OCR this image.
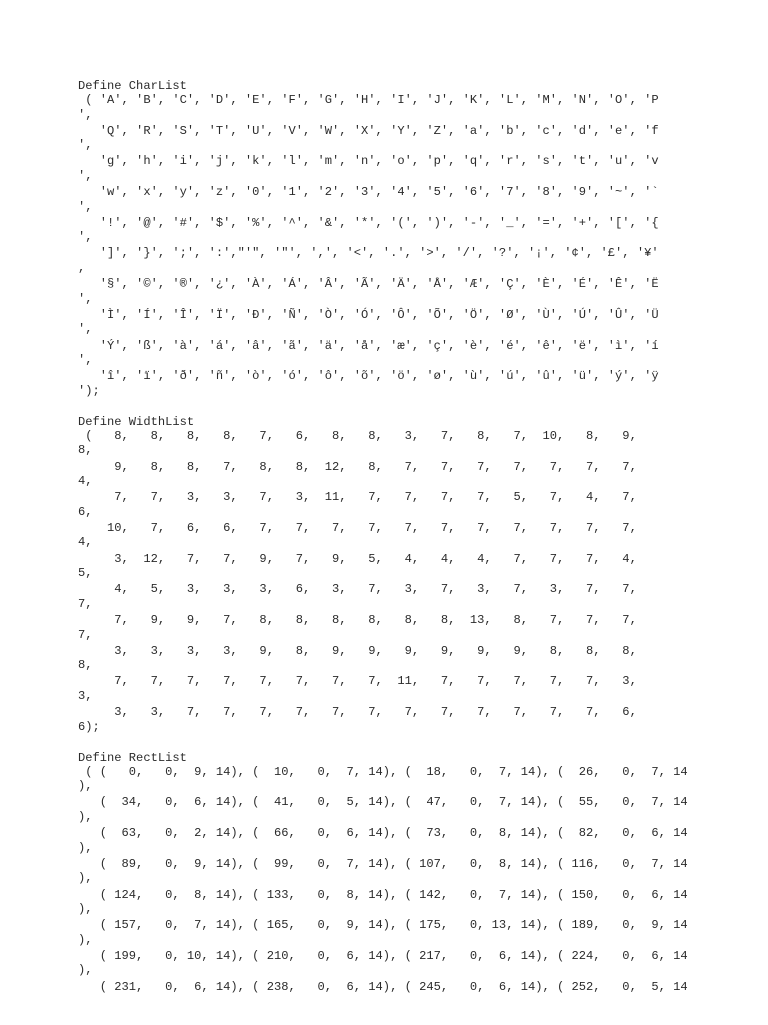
Define CharList
( 'A', 'B', 'C', 'D', 'E', 'F', 'G', 'H', 'I', 'J', 'K', 'L', 'M', 'N', 'O', 'P
',
'Q', 'R', 'S', 'T', 'U', 'V', 'W', 'X', 'Y', 'Z', 'a', 'b', 'c', 'd', 'e', 'f
',
'g', 'h', 'i', 'j', 'k', 'l', 'm', 'n', 'o', 'p', 'q', 'r', 's', 't', 'u', 'v
',
'w', 'x', 'y', 'z', '0', '1', '2', '3', '4', '5', '6', '7', '8', '9', '~', '`
',
'!', '@', '#', '$', '%', '^', '&', '*', '(', ')', '-', '_', '=', '+', '[', '{
',
']', '}', ';', ':',"'", '"', ',', '<', '.', '>', '/', '?', '¡', '¢', '£', '¥'
,
'§', '©', '®', '¿', 'À', 'Á', 'Â', 'Ã', 'Ä', 'Å', 'Æ', 'Ç', 'È', 'É', 'Ê', 'Ë
',
'Ì', 'Í', 'Î', 'Ï', 'Ð', 'Ñ', 'Ò', 'Ó', 'Ô', 'Õ', 'Ö', 'Ø', 'Ù', 'Ú', 'Û', 'Ü
',
'Ý', 'ß', 'à', 'á', 'â', 'ã', 'ä', 'å', 'æ', 'ç', 'è', 'é', 'ê', 'ë', 'ì', 'í
',
'î', 'ï', 'ð', 'ñ', 'ò', 'ó', 'ô', 'õ', 'ö', 'ø', 'ù', 'ú', 'û', 'ü', 'ý', 'ÿ
');
Define WidthList
(   8,   8,   8,   8,   7,   6,   8,   8,   3,   7,   8,   7,  10,   8,   9,
8,
9,   8,   8,   7,   8,   8,  12,   8,   7,   7,   7,   7,   7,   7,   7,
4,
7,   7,   3,   3,   7,   3,  11,   7,   7,   7,   7,   5,   7,   4,   7,
6,
10,   7,   6,   6,   7,   7,   7,   7,   7,   7,   7,   7,   7,   7,   7,
4,
3,  12,   7,   7,   9,   7,   9,   5,   4,   4,   4,   7,   7,   7,   4,
5,
4,   5,   3,   3,   3,   6,   3,   7,   3,   7,   3,   7,   3,   7,   7,
7,
7,   9,   9,   7,   8,   8,   8,   8,   8,   8,  13,   8,   7,   7,   7,
7,
3,   3,   3,   3,   9,   8,   9,   9,   9,   9,   9,   9,   8,   8,   8,
8,
7,   7,   7,   7,   7,   7,   7,   7,  11,   7,   7,   7,   7,   7,   3,
3,
3,   3,   7,   7,   7,   7,   7,   7,   7,   7,   7,   7,   7,   7,   6,
6);
Define RectList
( (   0,   0,  9, 14), (  10,   0,  7, 14), (  18,   0,  7, 14), (  26,   0,  7, 14
),
(  34,   0,  6, 14), (  41,   0,  5, 14), (  47,   0,  7, 14), (  55,   0,  7, 14
),
(  63,   0,  2, 14), (  66,   0,  6, 14), (  73,   0,  8, 14), (  82,   0,  6, 14
),
(  89,   0,  9, 14), (  99,   0,  7, 14), ( 107,   0,  8, 14), ( 116,   0,  7, 14
),
( 124,   0,  8, 14), ( 133,   0,  8, 14), ( 142,   0,  7, 14), ( 150,   0,  6, 14
),
( 157,   0,  7, 14), ( 165,   0,  9, 14), ( 175,   0, 13, 14), ( 189,   0,  9, 14
),
( 199,   0, 10, 14), ( 210,   0,  6, 14), ( 217,   0,  6, 14), ( 224,   0,  6, 14
),
( 231,   0,  6, 14), ( 238,   0,  6, 14), ( 245,   0,  6, 14), ( 252,   0,  5, 14
